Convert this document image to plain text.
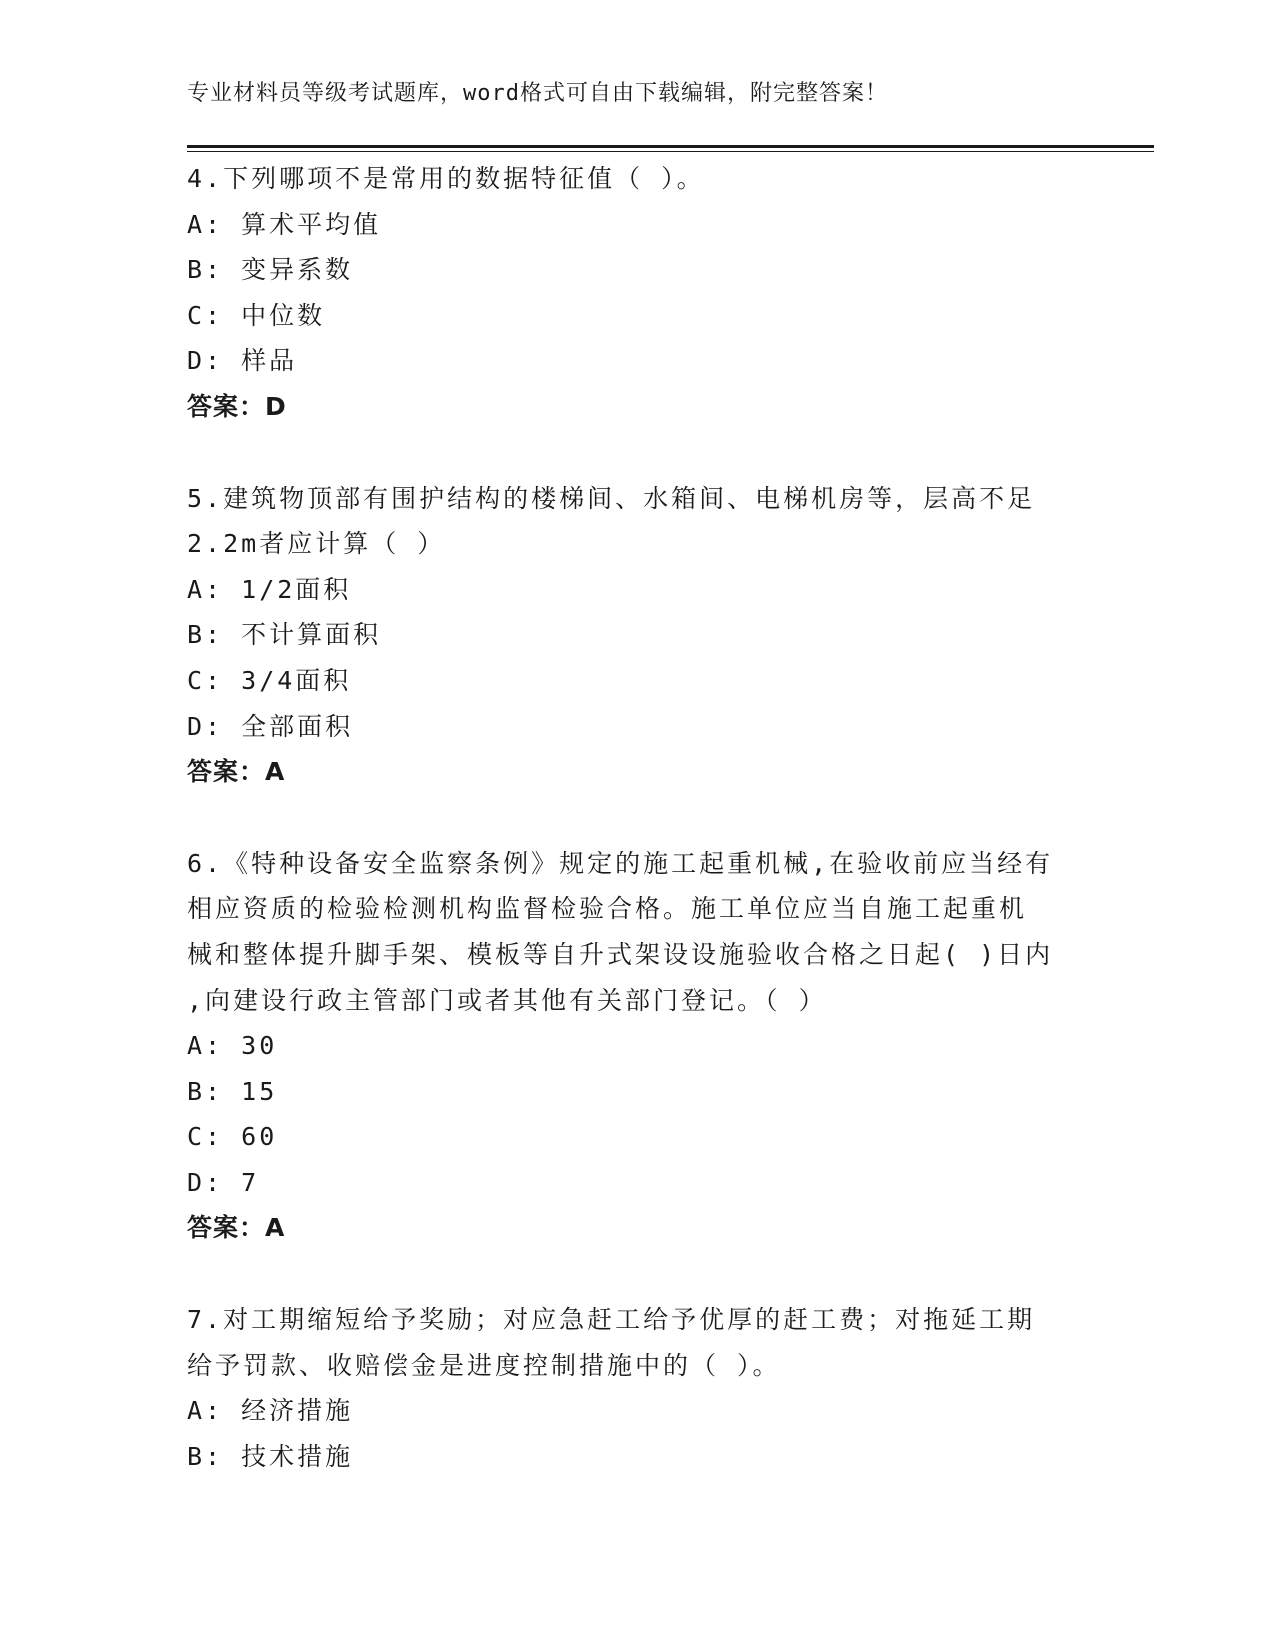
专业材料员等级考试题库，word格式可自由下载编辑，附完整答案！
4.下列哪项不是常用的数据特征值（ ）。
A: 算术平均值
B: 变异系数
C: 中位数
D: 样品
答案：D
5.建筑物顶部有围护结构的楼梯间、水箱间、电梯机房等，层高不足
2.2m者应计算（ ）
A: 1/2面积
B: 不计算面积
C: 3/4面积
D: 全部面积
答案：A
6.《特种设备安全监察条例》规定的施工起重机械,在验收前应当经有
相应资质的检验检测机构监督检验合格。施工单位应当自施工起重机
械和整体提升脚手架、模板等自升式架设设施验收合格之日起( )日内
,向建设行政主管部门或者其他有关部门登记。（ ）
A: 30
B: 15
C: 60
D: 7
答案：A
7.对工期缩短给予奖励；对应急赶工给予优厚的赶工费；对拖延工期
给予罚款、收赔偿金是进度控制措施中的（ ）。
A: 经济措施
B: 技术措施
